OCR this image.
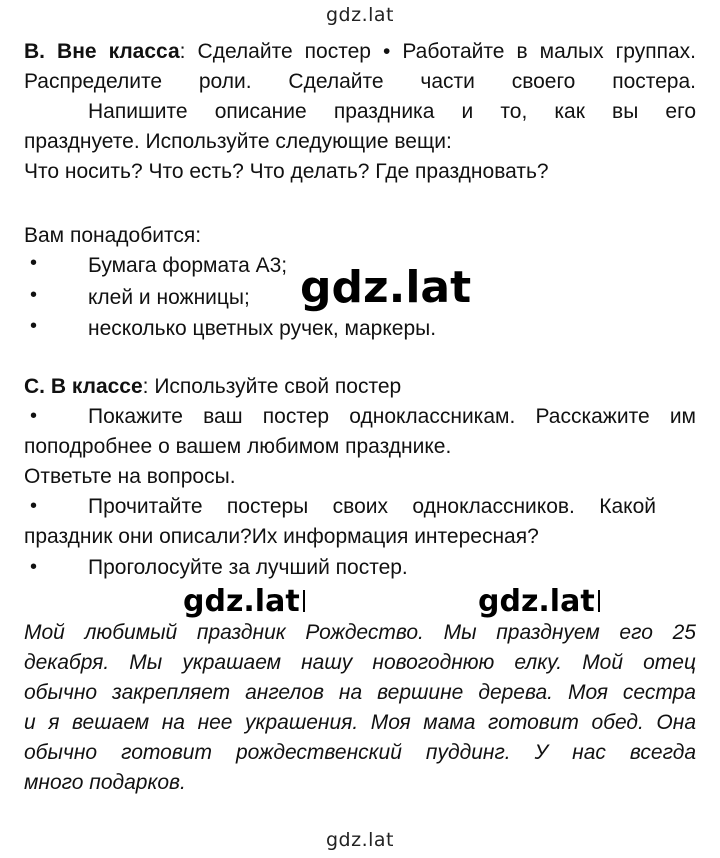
gdz.lat
B. Вне класса: Сделайте постер • Работайте в малых группах.
Распределите роли. Сделайте части своего постера.
Напишите описание праздника и то, как вы его
празднуете. Используйте следующие вещи:
Что носить? Что есть? Что делать? Где праздновать?
Вам понадобится:
• Бумага формата А3;
• клей и ножницы;
• несколько цветных ручек, маркеры.
gdz.lat
C. В классе: Используйте свой постер
• Покажите ваш постер одноклассникам. Расскажите им
поподробнее о вашем любимом празднике.
Ответьте на вопросы.
• Прочитайте постеры своих одноклассников. Какой
праздник они описали?Их информация интересная?
• Проголосуйте за лучший постер.
gdz.lat	gdz.lat
Мой любимый праздник Рождество. Мы празднуем его 25
декабря. Мы украшаем нашу новогоднюю елку. Мой отец
обычно закрепляет ангелов на вершине дерева. Моя сестра
и я вешаем на нее украшения. Моя мама готовит обед. Она
обычно готовит рождественский пуддинг. У нас всегда
много подарков.
gdz.lat
